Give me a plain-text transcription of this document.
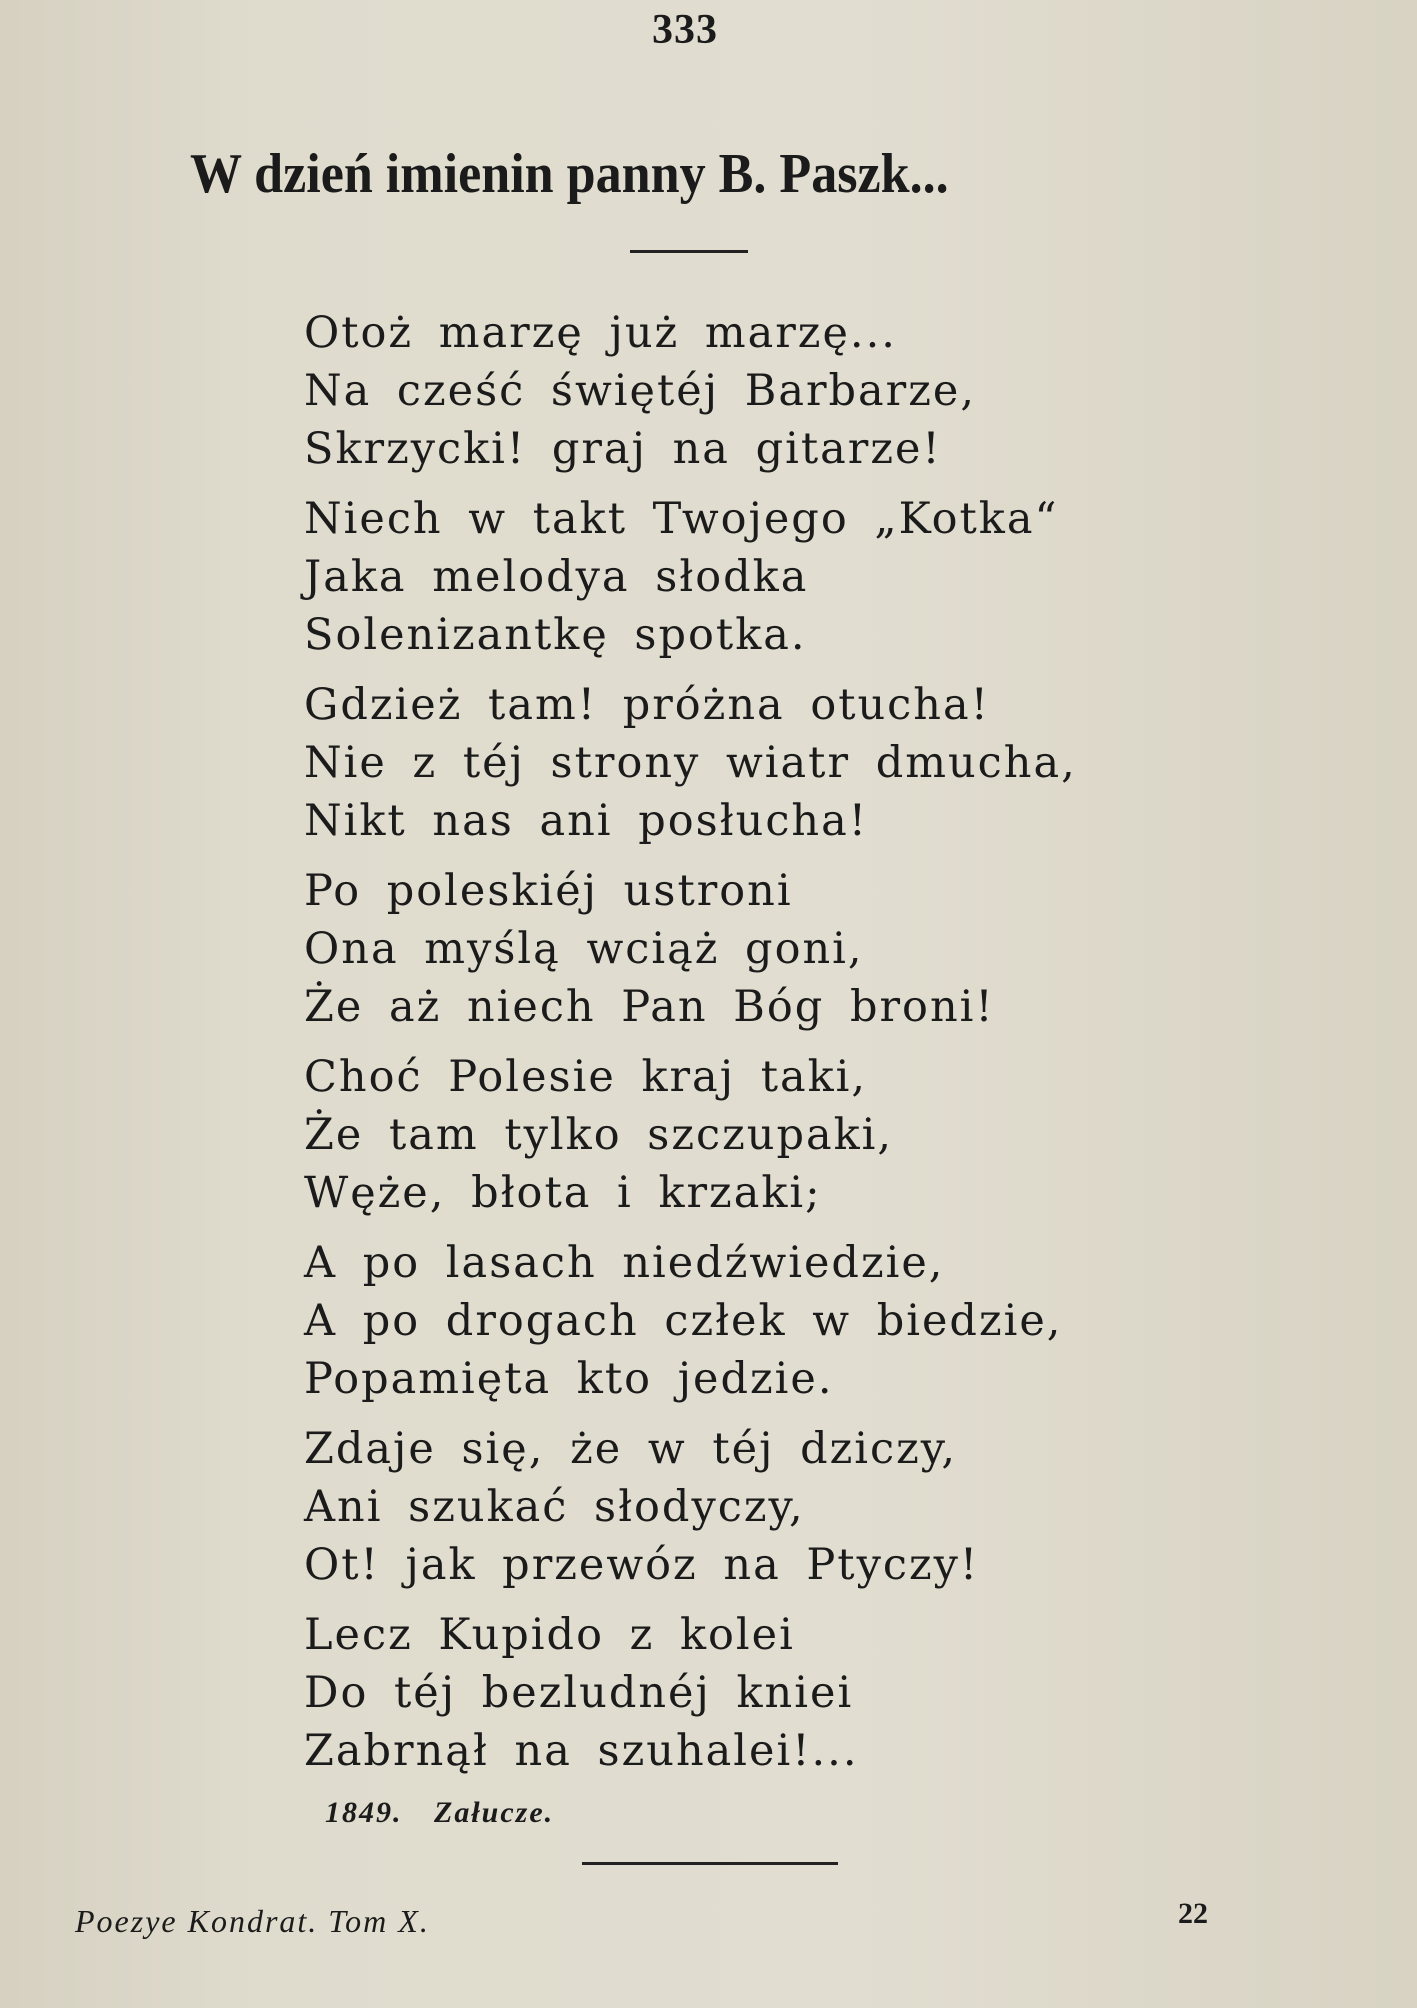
333
W dzień imienin panny B. Paszk...
Otoż marzę już marzę...
Na cześć świętéj Barbarze,
Skrzycki! graj na gitarze!
Niech w takt Twojego „Kotka“
Jaka melodya słodka
Solenizantkę spotka.
Gdzież tam! próżna otucha!
Nie z téj strony wiatr dmucha,
Nikt nas ani posłucha!
Po poleskiéj ustroni
Ona myślą wciąż goni,
Że aż niech Pan Bóg broni!
Choć Polesie kraj taki,
Że tam tylko szczupaki,
Węże, błota i krzaki;
A po lasach niedźwiedzie,
A po drogach człek w biedzie,
Popamięta kto jedzie.
Zdaje się, że w téj dziczy,
Ani szukać słodyczy,
Ot! jak przewóz na Ptyczy!
Lecz Kupido z kolei
Do téj bezludnéj kniei
Zabrnął na szuhalei!...
1849. Załucze.
Poezye Kondrat. Tom X.	22
